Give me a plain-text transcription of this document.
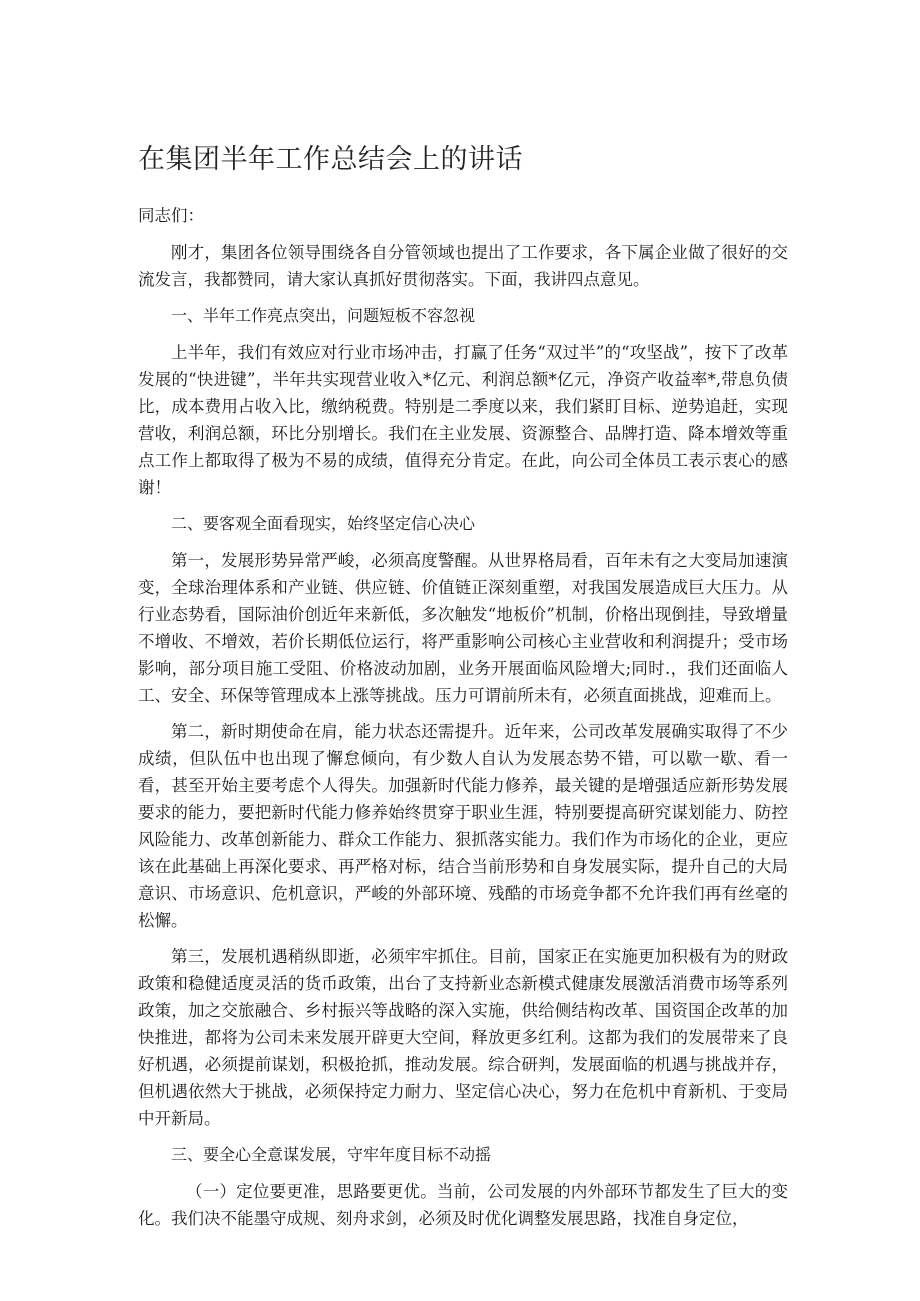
在集团半年工作总结会上的讲话

同志们：

刚才，集团各位领导围绕各自分管领域也提出了工作要求，各下属企业做了很好的交流发言，我都赞同，请大家认真抓好贯彻落实。下面，我讲四点意见。

一、半年工作亮点突出，问题短板不容忽视

上半年，我们有效应对行业市场冲击，打赢了任务“双过半”的“攻坚战”，按下了改革发展的“快进键”，半年共实现营业收入*亿元、利润总额*亿元，净资产收益率*,带息负债比，成本费用占收入比，缴纳税费。特别是二季度以来，我们紧盯目标、逆势追赶，实现营收，利润总额，环比分别增长。我们在主业发展、资源整合、品牌打造、降本增效等重点工作上都取得了极为不易的成绩，值得充分肯定。在此，向公司全体员工表示衷心的感谢！

二、要客观全面看现实，始终坚定信心决心

第一，发展形势异常严峻，必须高度警醒。从世界格局看，百年未有之大变局加速演变，全球治理体系和产业链、供应链、价值链正深刻重塑，对我国发展造成巨大压力。从行业态势看，国际油价创近年来新低，多次触发“地板价”机制，价格出现倒挂，导致增量不增收、不增效，若价长期低位运行，将严重影响公司核心主业营收和利润提升；受市场影响，部分项目施工受阻、价格波动加剧，业务开展面临风险增大;同时.，我们还面临人工、安全、环保等管理成本上涨等挑战。压力可谓前所未有，必须直面挑战，迎难而上。

第二，新时期使命在肩，能力状态还需提升。近年来，公司改革发展确实取得了不少成绩，但队伍中也出现了懈怠倾向，有少数人自认为发展态势不错，可以歇一歇、看一看，甚至开始主要考虑个人得失。加强新时代能力修养，最关键的是增强适应新形势发展要求的能力，要把新时代能力修养始终贯穿于职业生涯，特别要提高研究谋划能力、防控风险能力、改革创新能力、群众工作能力、狠抓落实能力。我们作为市场化的企业，更应该在此基础上再深化要求、再严格对标，结合当前形势和自身发展实际，提升自己的大局意识、市场意识、危机意识，严峻的外部环境、残酷的市场竞争都不允许我们再有丝毫的松懈。

第三，发展机遇稍纵即逝，必须牢牢抓住。目前，国家正在实施更加积极有为的财政政策和稳健适度灵活的货币政策，出台了支持新业态新模式健康发展激活消费市场等系列政策，加之交旅融合、乡村振兴等战略的深入实施，供给侧结构改革、国资国企改革的加快推进，都将为公司未来发展开辟更大空间，释放更多红利。这都为我们的发展带来了良好机遇，必须提前谋划，积极抢抓，推动发展。综合研判，发展面临的机遇与挑战并存，但机遇依然大于挑战，必须保持定力耐力、坚定信心决心，努力在危机中育新机、于变局中开新局。

三、要全心全意谋发展，守牢年度目标不动摇

（一）定位要更准，思路要更优。当前，公司发展的内外部环节都发生了巨大的变化。我们决不能墨守成规、刻舟求剑，必须及时优化调整发展思路，找准自身定位，
